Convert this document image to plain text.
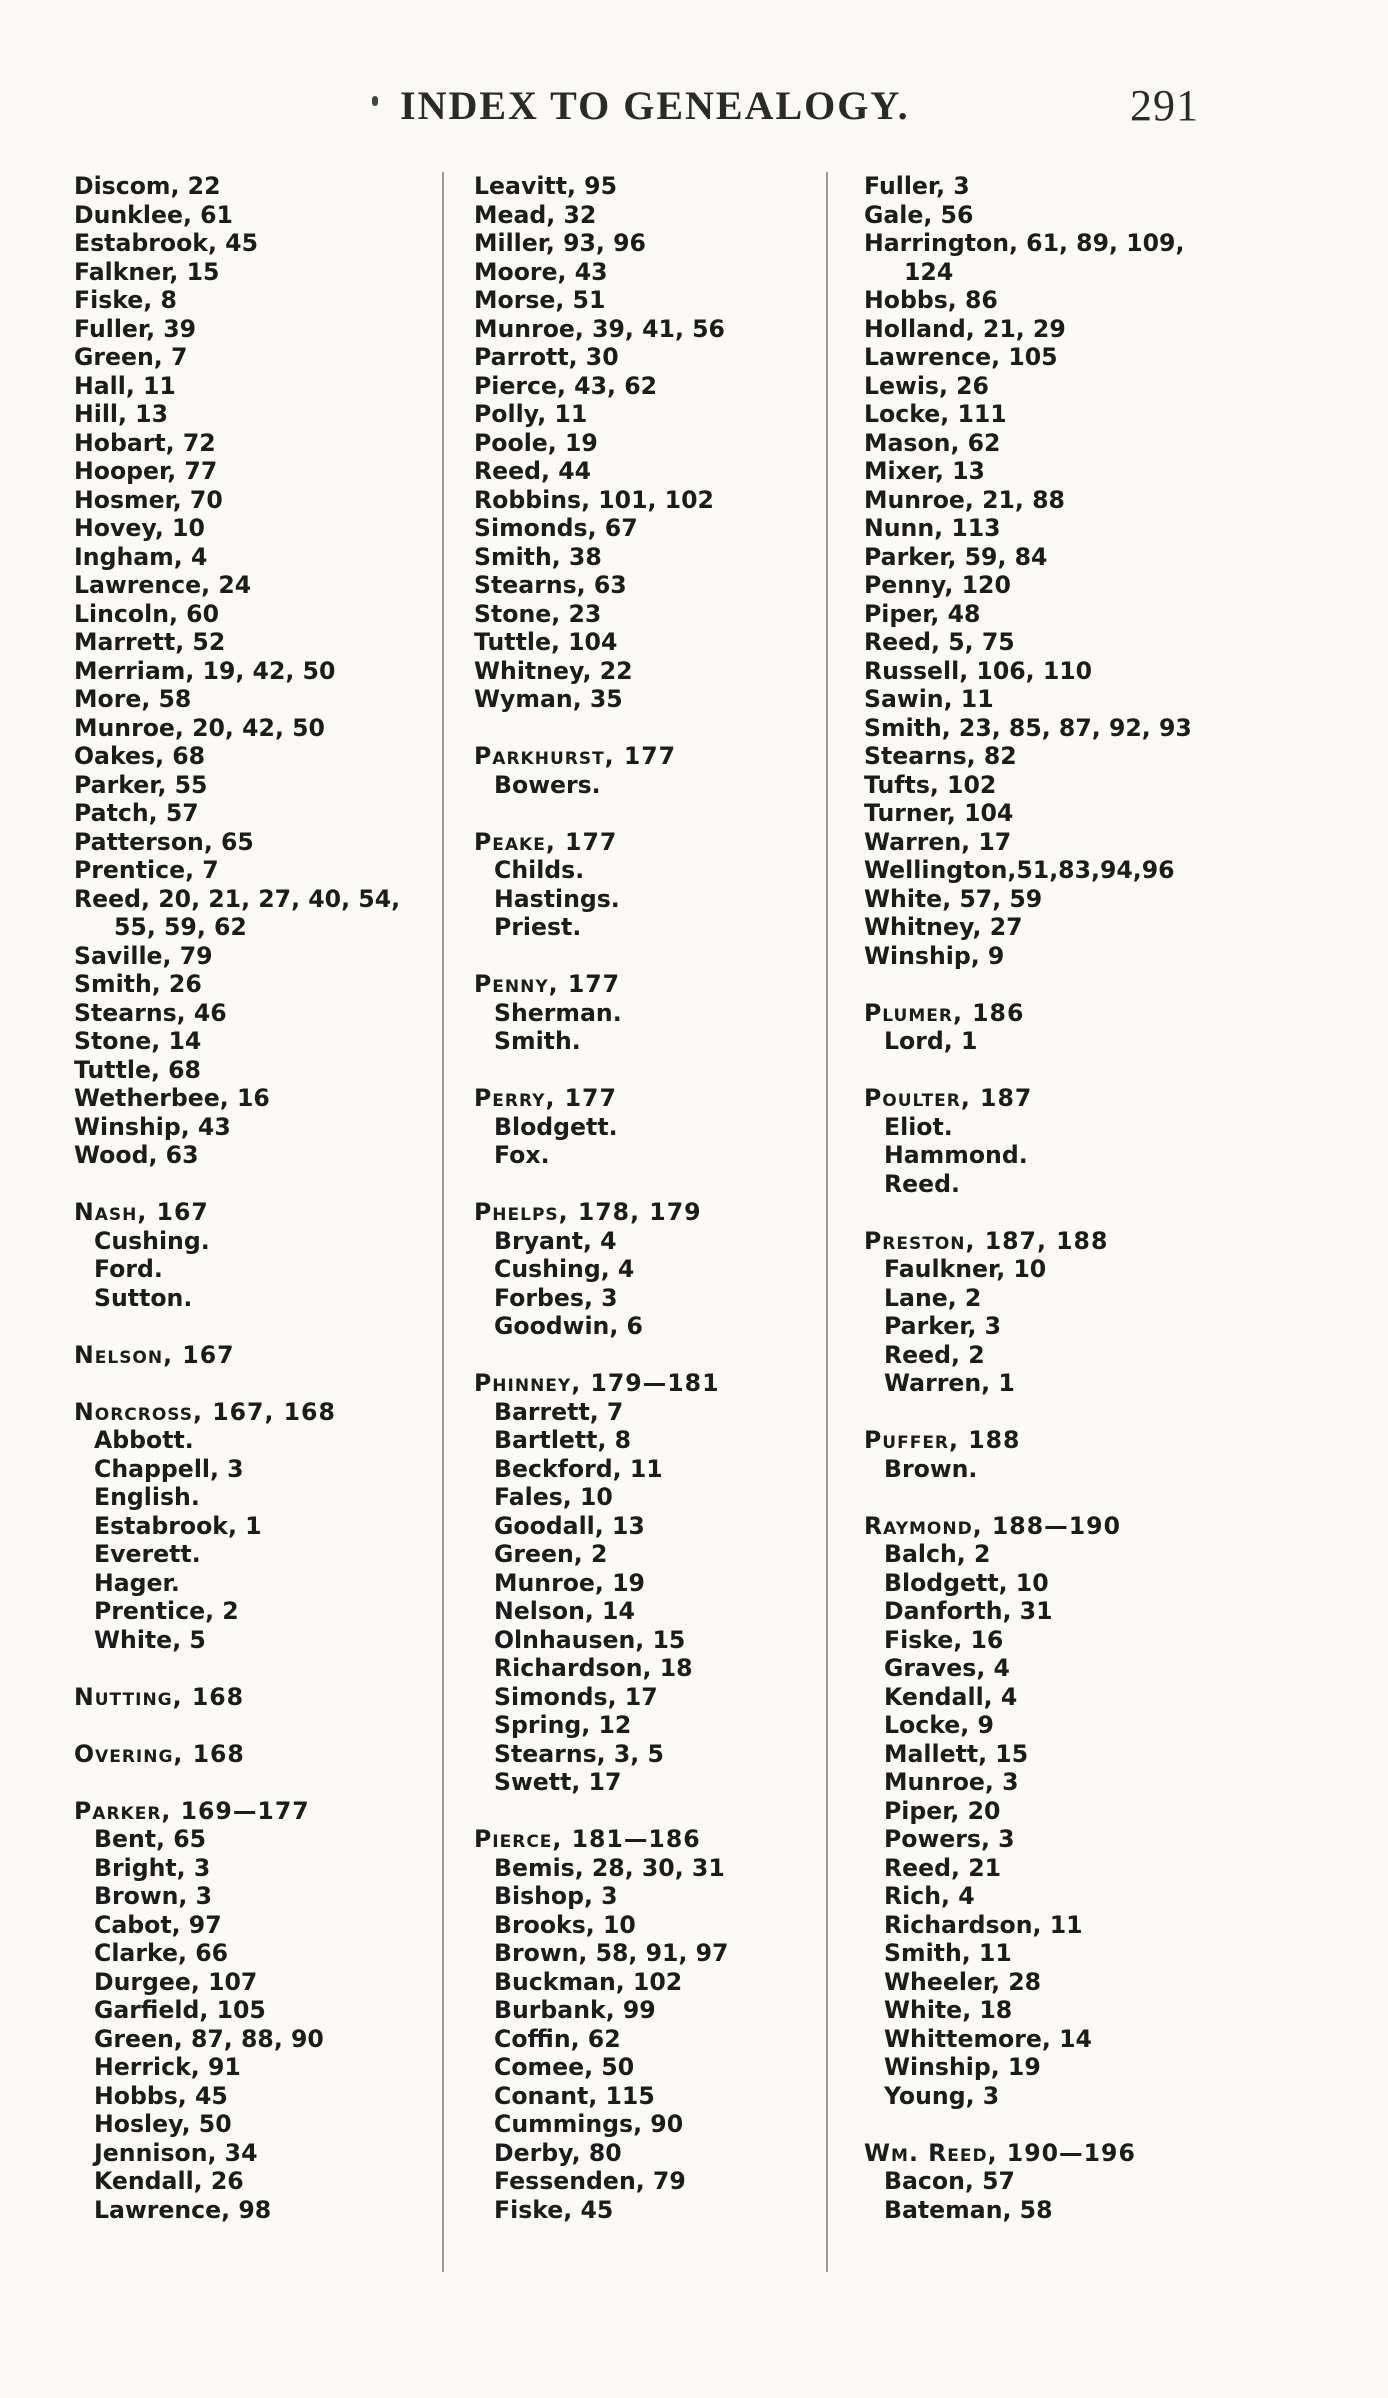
INDEX TO GENEALOGY.	291
Discom, 22
Dunklee, 61
Estabrook, 45
Falkner, 15
Fiske, 8
Fuller, 39
Green, 7
Hall, 11
Hill, 13
Hobart, 72
Hooper, 77
Hosmer, 70
Hovey, 10
Ingham, 4
Lawrence, 24
Lincoln, 60
Marrett, 52
Merriam, 19, 42, 50
More, 58
Munroe, 20, 42, 50
Oakes, 68
Parker, 55
Patch, 57
Patterson, 65
Prentice, 7
Reed, 20, 21, 27, 40, 54,
55, 59, 62
Saville, 79
Smith, 26
Stearns, 46
Stone, 14
Tuttle, 68
Wetherbee, 16
Winship, 43
Wood, 63
Nash, 167
Cushing.
Ford.
Sutton.
Nelson, 167
Norcross, 167, 168
Abbott.
Chappell, 3
English.
Estabrook, 1
Everett.
Hager.
Prentice, 2
White, 5
Nutting, 168
Overing, 168
Parker, 169—177
Bent, 65
Bright, 3
Brown, 3
Cabot, 97
Clarke, 66
Durgee, 107
Garfield, 105
Green, 87, 88, 90
Herrick, 91
Hobbs, 45
Hosley, 50
Jennison, 34
Kendall, 26
Lawrence, 98
Leavitt, 95
Mead, 32
Miller, 93, 96
Moore, 43
Morse, 51
Munroe, 39, 41, 56
Parrott, 30
Pierce, 43, 62
Polly, 11
Poole, 19
Reed, 44
Robbins, 101, 102
Simonds, 67
Smith, 38
Stearns, 63
Stone, 23
Tuttle, 104
Whitney, 22
Wyman, 35
Parkhurst, 177
Bowers.
Peake, 177
Childs.
Hastings.
Priest.
Penny, 177
Sherman.
Smith.
Perry, 177
Blodgett.
Fox.
Phelps, 178, 179
Bryant, 4
Cushing, 4
Forbes, 3
Goodwin, 6
Phinney, 179—181
Barrett, 7
Bartlett, 8
Beckford, 11
Fales, 10
Goodall, 13
Green, 2
Munroe, 19
Nelson, 14
Olnhausen, 15
Richardson, 18
Simonds, 17
Spring, 12
Stearns, 3, 5
Swett, 17
Pierce, 181—186
Bemis, 28, 30, 31
Bishop, 3
Brooks, 10
Brown, 58, 91, 97
Buckman, 102
Burbank, 99
Coffin, 62
Comee, 50
Conant, 115
Cummings, 90
Derby, 80
Fessenden, 79
Fiske, 45
Fuller, 3
Gale, 56
Harrington, 61, 89, 109,
124
Hobbs, 86
Holland, 21, 29
Lawrence, 105
Lewis, 26
Locke, 111
Mason, 62
Mixer, 13
Munroe, 21, 88
Nunn, 113
Parker, 59, 84
Penny, 120
Piper, 48
Reed, 5, 75
Russell, 106, 110
Sawin, 11
Smith, 23, 85, 87, 92, 93
Stearns, 82
Tufts, 102
Turner, 104
Warren, 17
Wellington,51,83,94,96
White, 57, 59
Whitney, 27
Winship, 9
Plumer, 186
Lord, 1
Poulter, 187
Eliot.
Hammond.
Reed.
Preston, 187, 188
Faulkner, 10
Lane, 2
Parker, 3
Reed, 2
Warren, 1
Puffer, 188
Brown.
Raymond, 188—190
Balch, 2
Blodgett, 10
Danforth, 31
Fiske, 16
Graves, 4
Kendall, 4
Locke, 9
Mallett, 15
Munroe, 3
Piper, 20
Powers, 3
Reed, 21
Rich, 4
Richardson, 11
Smith, 11
Wheeler, 28
White, 18
Whittemore, 14
Winship, 19
Young, 3
Wm. Reed, 190—196
Bacon, 57
Bateman, 58
